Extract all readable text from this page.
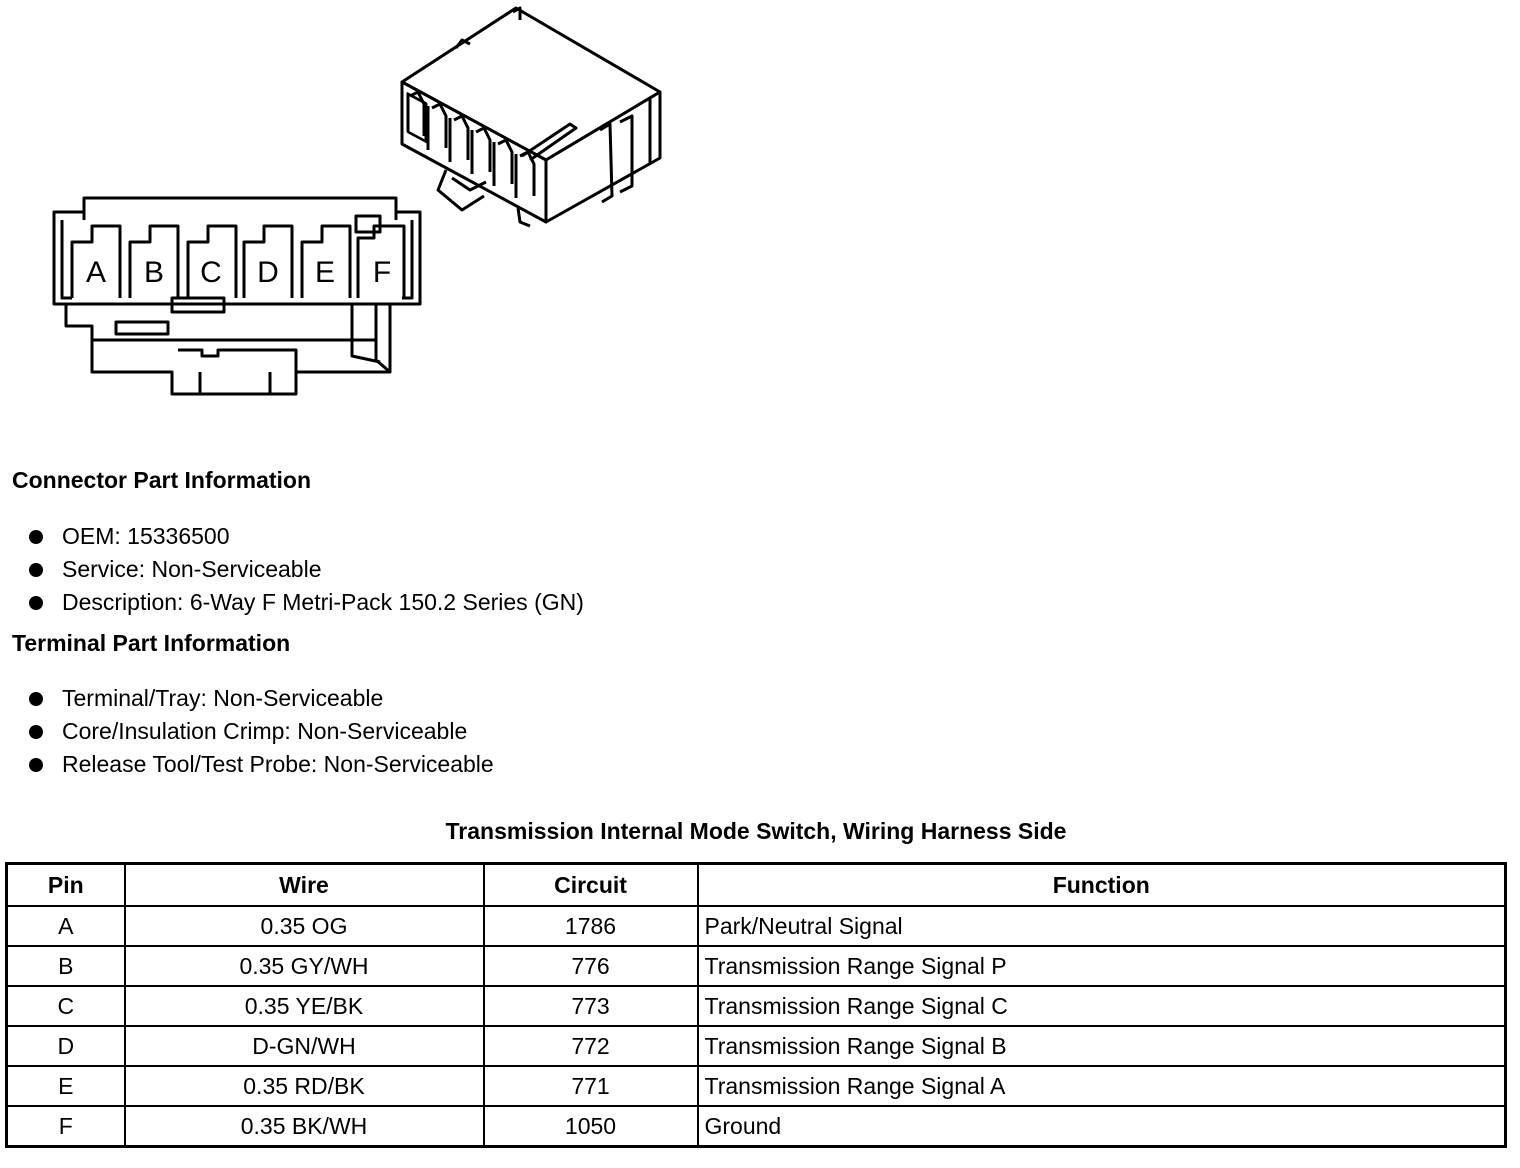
A B C D E F
Connector Part Information
OEM: 15336500
Service: Non-Serviceable
Description: 6-Way F Metri-Pack 150.2 Series (GN)
Terminal Part Information
Terminal/Tray: Non-Serviceable
Core/Insulation Crimp: Non-Serviceable
Release Tool/Test Probe: Non-Serviceable
Transmission Internal Mode Switch, Wiring Harness Side
Pin	Wire	Circuit	Function
A	0.35 OG	1786	Park/Neutral Signal
B	0.35 GY/WH	776	Transmission Range Signal P
C	0.35 YE/BK	773	Transmission Range Signal C
D	D-GN/WH	772	Transmission Range Signal B
E	0.35 RD/BK	771	Transmission Range Signal A
F	0.35 BK/WH	1050	Ground
